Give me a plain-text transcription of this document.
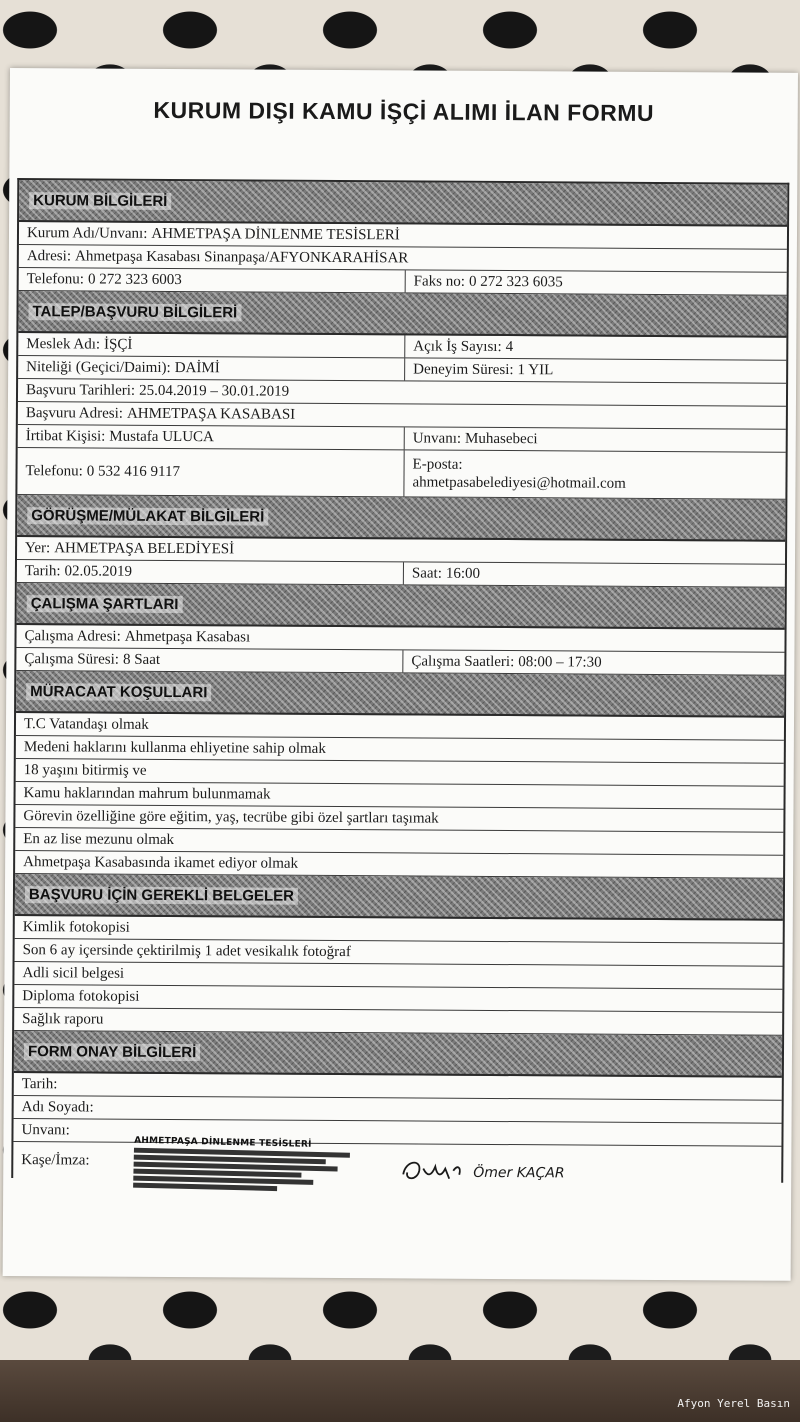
KURUM DIŞI KAMU İŞÇİ ALIMI İLAN FORMU
KURUM BİLGİLERİ
Kurum Adı/Unvanı: AHMETPAŞA DİNLENME TESİSLERİ
Adresi: Ahmetpaşa Kasabası Sinanpaşa/AFYONKARAHİSAR
Telefonu: 0 272 323 6003	Faks no: 0 272 323 6035
TALEP/BAŞVURU BİLGİLERİ
Meslek Adı: İŞÇİ	Açık İş Sayısı: 4
Niteliği (Geçici/Daimi): DAİMİ	Deneyim Süresi: 1 YIL
Başvuru Tarihleri: 25.04.2019 – 30.01.2019
Başvuru Adresi: AHMETPAŞA KASABASI
İrtibat Kişisi: Mustafa ULUCA	Unvanı: Muhasebeci
Telefonu: 0 532 416 9117	E-posta:
ahmetpasabelediyesi@hotmail.com
GÖRÜŞME/MÜLAKAT BİLGİLERİ
Yer: AHMETPAŞA BELEDİYESİ
Tarih: 02.05.2019	Saat: 16:00
ÇALIŞMA ŞARTLARI
Çalışma Adresi: Ahmetpaşa Kasabası
Çalışma Süresi: 8 Saat	Çalışma Saatleri: 08:00 – 17:30
MÜRACAAT KOŞULLARI
T.C Vatandaşı olmak
Medeni haklarını kullanma ehliyetine sahip olmak
18 yaşını bitirmiş ve
Kamu haklarından mahrum bulunmamak
Görevin özelliğine göre eğitim, yaş, tecrübe gibi özel şartları taşımak
En az lise mezunu olmak
Ahmetpaşa Kasabasında ikamet ediyor olmak
BAŞVURU İÇİN GEREKLİ BELGELER
Kimlik fotokopisi
Son 6 ay içersinde çektirilmiş 1 adet vesikalık fotoğraf
Adli sicil belgesi
Diploma fotokopisi
Sağlık raporu
FORM ONAY BİLGİLERİ
Tarih:
Adı Soyadı:
Unvanı:
Kaşe/İmza:
AHMETPAŞA DİNLENME TESİSLERİ
Ömer KAÇAR
Afyon Yerel Basın
